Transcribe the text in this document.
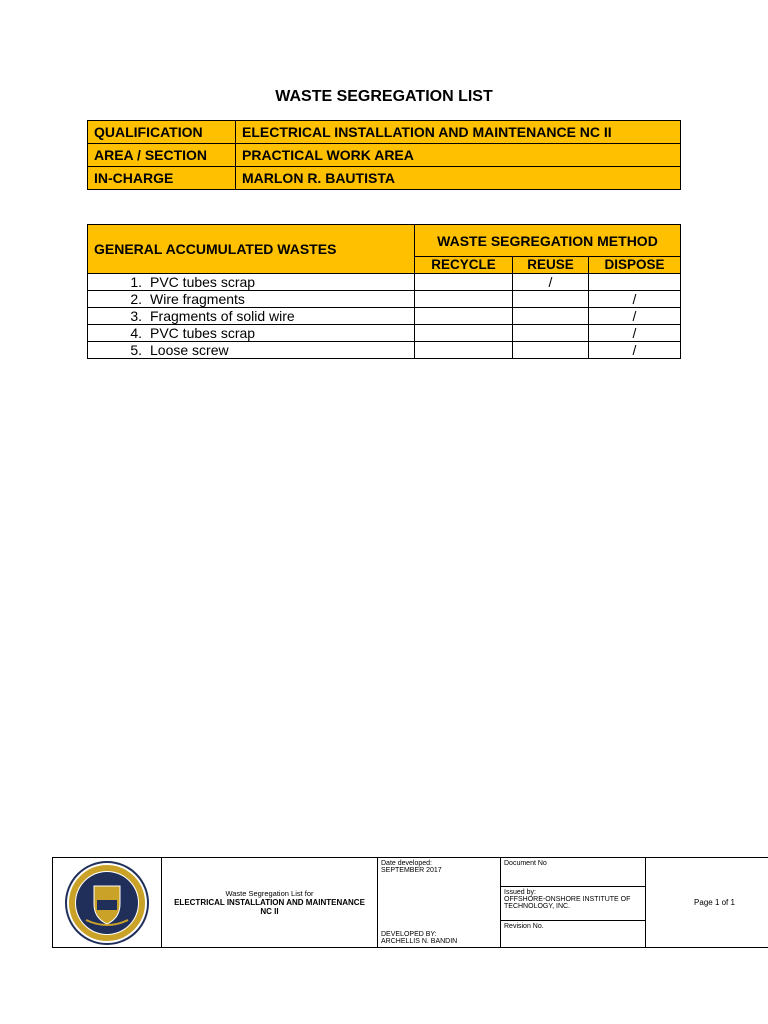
WASTE SEGREGATION LIST
QUALIFICATION	ELECTRICAL INSTALLATION AND MAINTENANCE NC II
AREA / SECTION	PRACTICAL WORK AREA
IN-CHARGE	MARLON R. BAUTISTA
GENERAL ACCUMULATED WASTES	WASTE SEGREGATION METHOD		
	RECYCLE	REUSE	DISPOSE
1. PVC tubes scrap		/	
2. Wire fragments			/
3. Fragments of solid wire			/
4. PVC tubes scrap			/
5. Loose screw			/
2016

Waste Segregation List for
ELECTRICAL INSTALLATION AND MAINTENANCE
NC II

Date developed:
SEPTEMBER 2017
DEVELOPED BY:
ARCHELLIS N. BANDIN
	Document No	Page 1 of 1

Issued by:
OFFSHORE-ONSHORE INSTITUTE OF TECHNOLOGY, INC.

Revision No.
